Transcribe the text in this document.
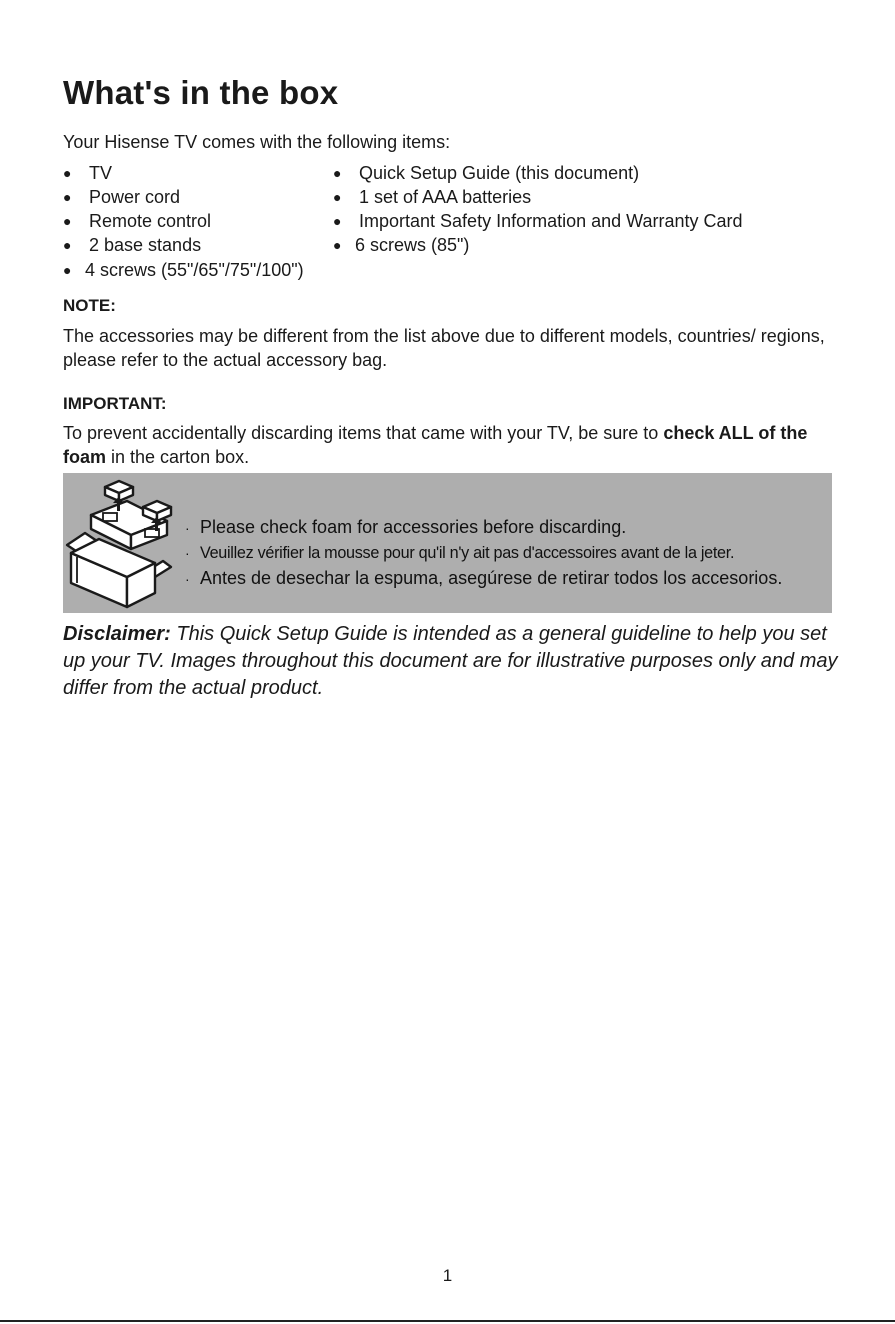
What's in the box
Your Hisense TV comes with the following items:
● TV
● Power cord
● Remote control
● 2 base stands
● 4 screws (55"/65"/75"/100")
● Quick Setup Guide (this document)
● 1 set of AAA batteries
● Important Safety Information and Warranty Card
● 6 screws (85")
NOTE:
The accessories may be different from the list above due to different models, countries/ regions, please refer to the actual accessory bag.
IMPORTANT:
To prevent accidentally discarding items that came with your TV, be sure to check ALL of the foam in the carton box.
· Please check foam for accessories before discarding.
· Veuillez vérifier la mousse pour qu'il n'y ait pas d'accessoires avant de la jeter.
· Antes de desechar la espuma, asegúrese de retirar todos los accesorios.
Disclaimer: This Quick Setup Guide is intended as a general guideline to help you set up your TV. Images throughout this document are for illustrative purposes only and may differ from the actual product.
1
